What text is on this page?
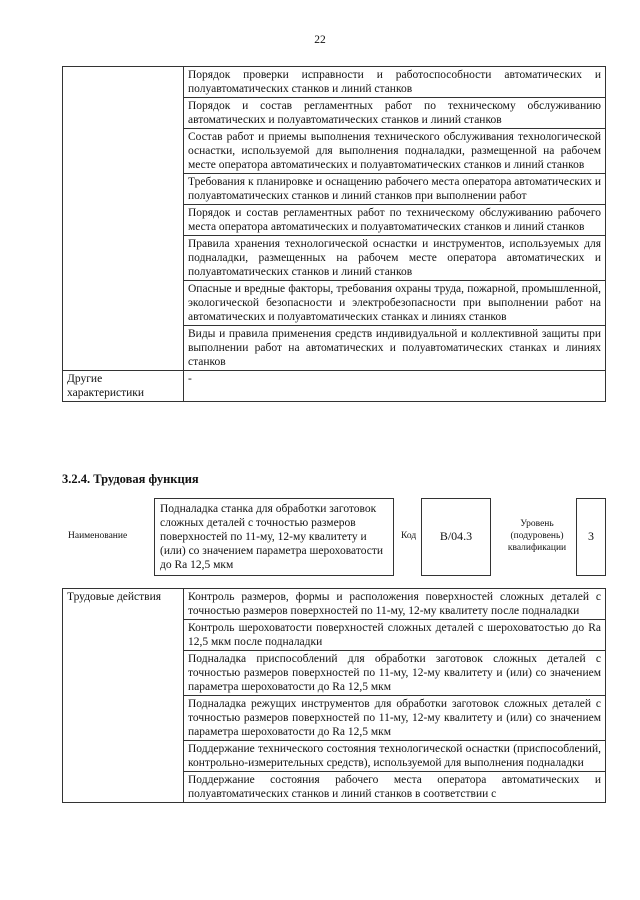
22
	Порядок проверки исправности и работоспособности автоматических и полуавтоматических станков и линий станков
	Порядок и состав регламентных работ по техническому обслуживанию автоматических и полуавтоматических станков и линий станков
	Состав работ и приемы выполнения технического обслуживания технологической оснастки, используемой для выполнения подналадки, размещенной на рабочем месте оператора автоматических и полуавтоматических станков и линий станков
	Требования к планировке и оснащению рабочего места оператора автоматических и полуавтоматических станков и линий станков при выполнении работ
	Порядок и состав регламентных работ по техническому обслуживанию рабочего места оператора автоматических и полуавтоматических станков и линий станков
	Правила хранения технологической оснастки и инструментов, используемых для подналадки, размещенных на рабочем месте оператора автоматических и полуавтоматических станков и линий станков
	Опасные и вредные факторы, требования охраны труда, пожарной, промышленной, экологической безопасности и электробезопасности при выполнении работ на автоматических и полуавтоматических станках и линиях станков
	Виды и правила применения средств индивидуальной и коллективной защиты при выполнении работ на автоматических и полуавтоматических станках и линиях станков
Другие характеристики	-
3.2.4. Трудовая функция
Наименование
Подналадка станка для обработки заготовок сложных деталей с точностью размеров поверхностей по 11-му, 12-му квалитету и (или) со значением параметра шероховатости до Ra 12,5 мкм
Код	B/04.3
Уровень (подуровень) квалификации
3
Трудовые действия	Контроль размеров, формы и расположения поверхностей сложных деталей с точностью размеров поверхностей по 11-му, 12-му квалитету после подналадки
Контроль шероховатости поверхностей сложных деталей с шероховатостью до Ra 12,5 мкм после подналадки
Подналадка приспособлений для обработки заготовок сложных деталей с точностью размеров поверхностей по 11-му, 12-му квалитету и (или) со значением параметра шероховатости до Ra 12,5 мкм
Подналадка режущих инструментов для обработки заготовок сложных деталей с точностью размеров поверхностей по 11-му, 12-му квалитету и (или) со значением параметра шероховатости до Ra 12,5 мкм
Поддержание технического состояния технологической оснастки (приспособлений, контрольно-измерительных средств), используемой для выполнения подналадки
Поддержание состояния рабочего места оператора автоматических и полуавтоматических станков и линий станков в соответствии с
